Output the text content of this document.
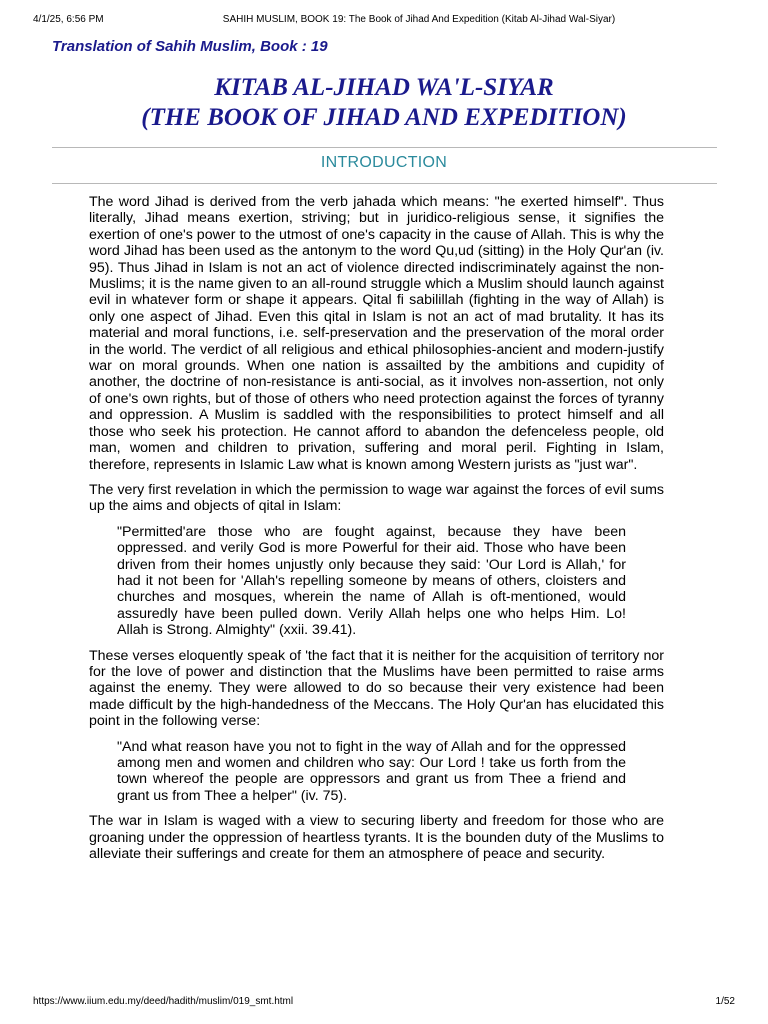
4/1/25, 6:56 PM	SAHIH MUSLIM, BOOK 19: The Book of Jihad And Expedition (Kitab Al-Jihad Wal-Siyar)
Translation of Sahih Muslim, Book : 19
KITAB AL-JIHAD WA'L-SIYAR
(THE BOOK OF JIHAD AND EXPEDITION)
INTRODUCTION

The word Jihad is derived from the verb jahada which means: "he exerted himself". Thus literally, Jihad means exertion, striving; but in juridico-religious sense, it signifies the exertion of one's power to the utmost of one's capacity in the cause of Allah. This is why the word Jihad has been used as the antonym to the word Qu,ud (sitting) in the Holy Qur'an (iv. 95). Thus Jihad in Islam is not an act of violence directed indiscriminately against the non-Muslims; it is the name given to an all-round struggle which a Muslim should launch against evil in whatever form or shape it appears. Qital fi sabilillah (fighting in the way of Allah) is only one aspect of Jihad. Even this qital in Islam is not an act of mad brutality. It has its material and moral functions, i.e. self-preservation and the preservation of the moral order in the world. The verdict of all religious and ethical philosophies-ancient and modern-justify war on moral grounds. When one nation is assailted by the ambitions and cupidity of another, the doctrine of non-resistance is anti-social, as it involves non-assertion, not only of one's own rights, but of those of others who need protection against the forces of tyranny and oppression. A Muslim is saddled with the responsibilities to protect himself and all those who seek his protection. He cannot afford to abandon the defenceless people, old man, women and children to privation, suffering and moral peril. Fighting in Islam, therefore, represents in Islamic Law what is known among Western jurists as "just war".

The very first revelation in which the permission to wage war against the forces of evil sums up the aims and objects of qital in Islam:

"Permitted'are those who are fought against, because they have been oppressed. and verily God is more Powerful for their aid. Those who have been driven from their homes unjustly only because they said: 'Our Lord is Allah,' for had it not been for 'Allah's repelling someone by means of others, cloisters and churches and mosques, wherein the name of Allah is oft-mentioned, would assuredly have been pulled down. Verily Allah helps one who helps Him. Lo! Allah is Strong. Almighty" (xxii. 39.41).

These verses eloquently speak of 'the fact that it is neither for the acquisition of territory nor for the love of power and distinction that the Muslims have been permitted to raise arms against the enemy. They were allowed to do so because their very existence had been made difficult by the high-handedness of the Meccans. The Holy Qur'an has elucidated this point in the following verse:

"And what reason have you not to fight in the way of Allah and for the oppressed among men and women and children who say: Our Lord ! take us forth from the town whereof the people are oppressors and grant us from Thee a friend and grant us from Thee a helper" (iv. 75).

The war in Islam is waged with a view to securing liberty and freedom for those who are groaning under the oppression of heartless tyrants. It is the bounden duty of the Muslims to alleviate their sufferings and create for them an atmosphere of peace and security.

https://www.iium.edu.my/deed/hadith/muslim/019_smt.html	1/52
